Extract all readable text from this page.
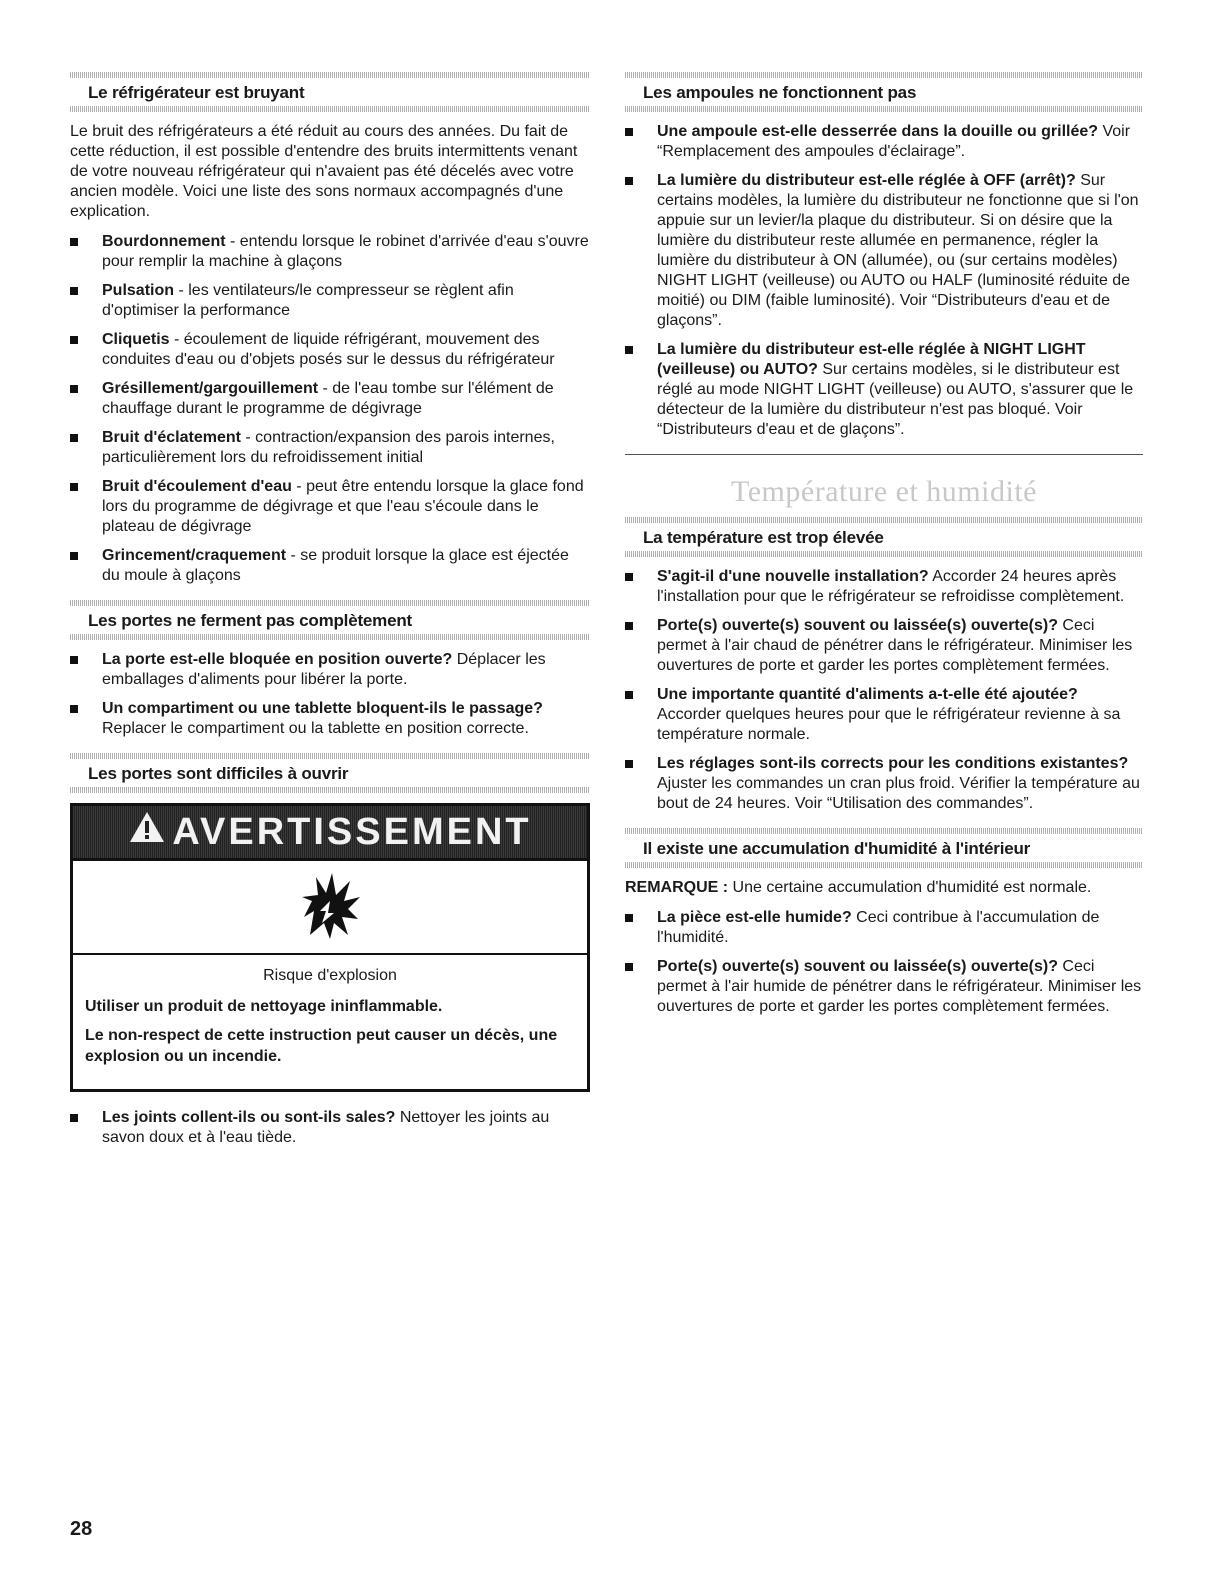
Le réfrigérateur est bruyant

Le bruit des réfrigérateurs a été réduit au cours des années. Du fait de cette réduction, il est possible d'entendre des bruits intermittents venant de votre nouveau réfrigérateur qui n'avaient pas été décelés avec votre ancien modèle. Voici une liste des sons normaux accompagnés d'une explication.

Bourdonnement - entendu lorsque le robinet d'arrivée d'eau s'ouvre pour remplir la machine à glaçons
Pulsation - les ventilateurs/le compresseur se règlent afin d'optimiser la performance
Cliquetis - écoulement de liquide réfrigérant, mouvement des conduites d'eau ou d'objets posés sur le dessus du réfrigérateur
Grésillement/gargouillement - de l'eau tombe sur l'élément de chauffage durant le programme de dégivrage
Bruit d'éclatement - contraction/expansion des parois internes, particulièrement lors du refroidissement initial
Bruit d'écoulement d'eau - peut être entendu lorsque la glace fond lors du programme de dégivrage et que l'eau s'écoule dans le plateau de dégivrage
Grincement/craquement - se produit lorsque la glace est éjectée du moule à glaçons
Les portes ne ferment pas complètement
La porte est-elle bloquée en position ouverte? Déplacer les emballages d'aliments pour libérer la porte.
Un compartiment ou une tablette bloquent-ils le passage? Replacer le compartiment ou la tablette en position correcte.
Les portes sont difficiles à ouvrir
AVERTISSEMENT
Risque d'explosion
Utiliser un produit de nettoyage ininflammable.
Le non-respect de cette instruction peut causer un décès, une explosion ou un incendie.
Les joints collent-ils ou sont-ils sales? Nettoyer les joints au savon doux et à l'eau tiède.
Les ampoules ne fonctionnent pas
Une ampoule est-elle desserrée dans la douille ou grillée? Voir “Remplacement des ampoules d'éclairage”.
La lumière du distributeur est-elle réglée à OFF (arrêt)? Sur certains modèles, la lumière du distributeur ne fonctionne que si l'on appuie sur un levier/la plaque du distributeur. Si on désire que la lumière du distributeur reste allumée en permanence, régler la lumière du distributeur à ON (allumée), ou (sur certains modèles) NIGHT LIGHT (veilleuse) ou AUTO ou HALF (luminosité réduite de moitié) ou DIM (faible luminosité). Voir “Distributeurs d'eau et de glaçons”.
La lumière du distributeur est-elle réglée à NIGHT LIGHT (veilleuse) ou AUTO? Sur certains modèles, si le distributeur est réglé au mode NIGHT LIGHT (veilleuse) ou AUTO, s'assurer que le détecteur de la lumière du distributeur n'est pas bloqué. Voir “Distributeurs d'eau et de glaçons”.
Température et humidité
La température est trop élevée
S'agit-il d'une nouvelle installation? Accorder 24 heures après l'installation pour que le réfrigérateur se refroidisse complètement.
Porte(s) ouverte(s) souvent ou laissée(s) ouverte(s)? Ceci permet à l'air chaud de pénétrer dans le réfrigérateur. Minimiser les ouvertures de porte et garder les portes complètement fermées.
Une importante quantité d'aliments a-t-elle été ajoutée? Accorder quelques heures pour que le réfrigérateur revienne à sa température normale.
Les réglages sont-ils corrects pour les conditions existantes? Ajuster les commandes un cran plus froid. Vérifier la température au bout de 24 heures. Voir “Utilisation des commandes”.
Il existe une accumulation d'humidité à l'intérieur

REMARQUE : Une certaine accumulation d'humidité est normale.

La pièce est-elle humide? Ceci contribue à l'accumulation de l'humidité.
Porte(s) ouverte(s) souvent ou laissée(s) ouverte(s)? Ceci permet à l'air humide de pénétrer dans le réfrigérateur. Minimiser les ouvertures de porte et garder les portes complètement fermées.
28
